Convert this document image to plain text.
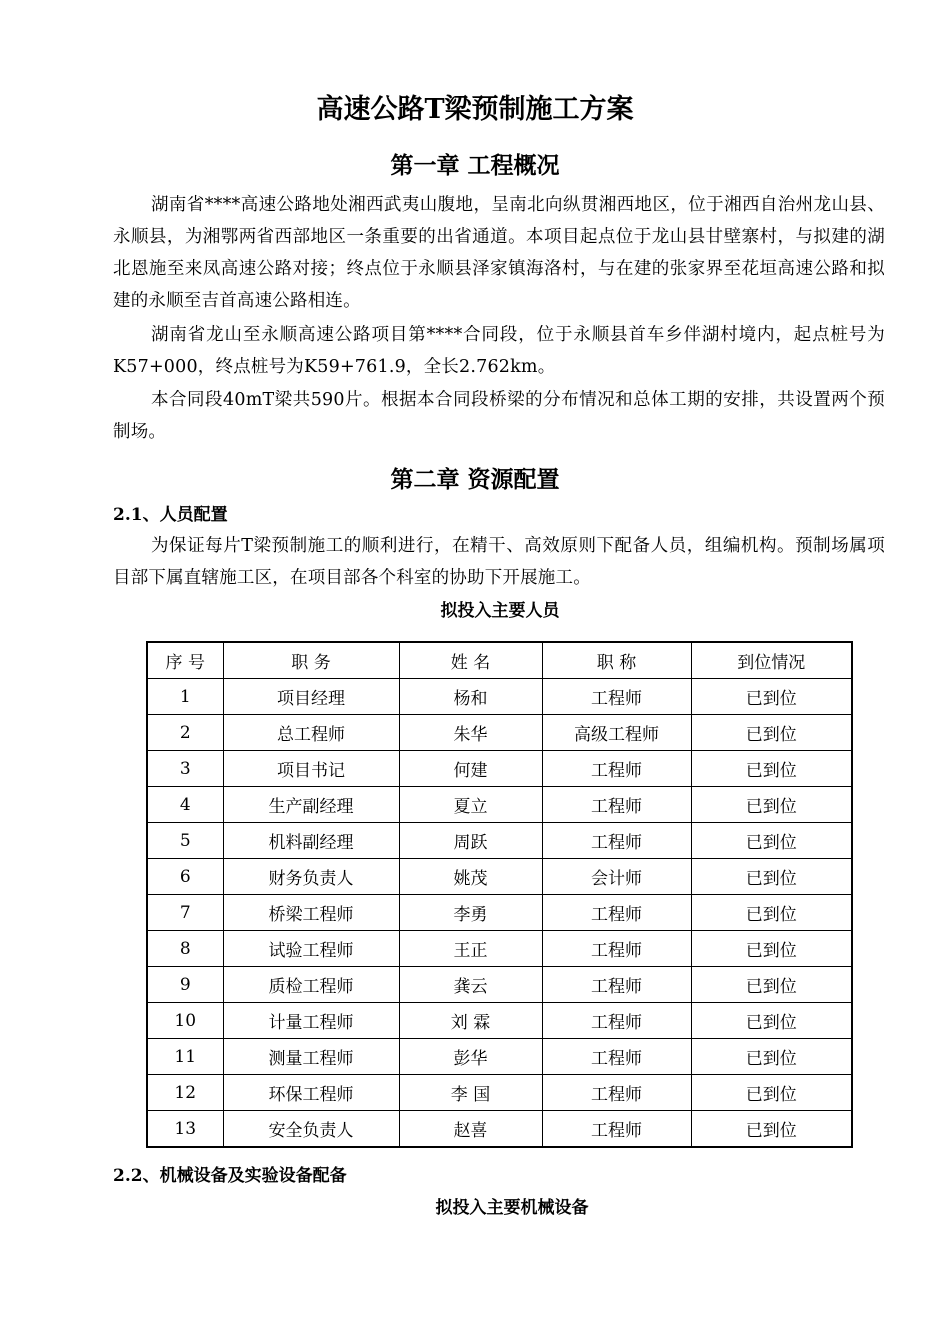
高速公路T梁预制施工方案
第一章 工程概况

湖南省****高速公路地处湘西武夷山腹地，呈南北向纵贯湘西地区，位于湘西自治州龙山县、永顺县，为湘鄂两省西部地区一条重要的出省通道。本项目起点位于龙山县甘壁寨村，与拟建的湖北恩施至来凤高速公路对接；终点位于永顺县泽家镇海洛村，与在建的张家界至花垣高速公路和拟建的永顺至吉首高速公路相连。

湖南省龙山至永顺高速公路项目第****合同段，位于永顺县首车乡伴湖村境内，起点桩号为K57+000，终点桩号为K59+761.9，全长2.762km。

本合同段40mT梁共590片。根据本合同段桥梁的分布情况和总体工期的安排，共设置两个预制场。

第二章 资源配置
2.1、人员配置

为保证每片T梁预制施工的顺利进行，在精干、高效原则下配备人员，组编机构。预制场属项目部下属直辖施工区，在项目部各个科室的协助下开展施工。

拟投入主要人员
序 号	职 务	姓 名	职 称	到位情况
1	项目经理	杨和	工程师	已到位
2	总工程师	朱华	高级工程师	已到位
3	项目书记	何建	工程师	已到位
4	生产副经理	夏立	工程师	已到位
5	机料副经理	周跃	工程师	已到位
6	财务负责人	姚茂	会计师	已到位
7	桥梁工程师	李勇	工程师	已到位
8	试验工程师	王正	工程师	已到位
9	质检工程师	龚云	工程师	已到位
10	计量工程师	刘 霖	工程师	已到位
11	测量工程师	彭华	工程师	已到位
12	环保工程师	李 国	工程师	已到位
13	安全负责人	赵喜	工程师	已到位
2.2、机械设备及实验设备配备
拟投入主要机械设备
